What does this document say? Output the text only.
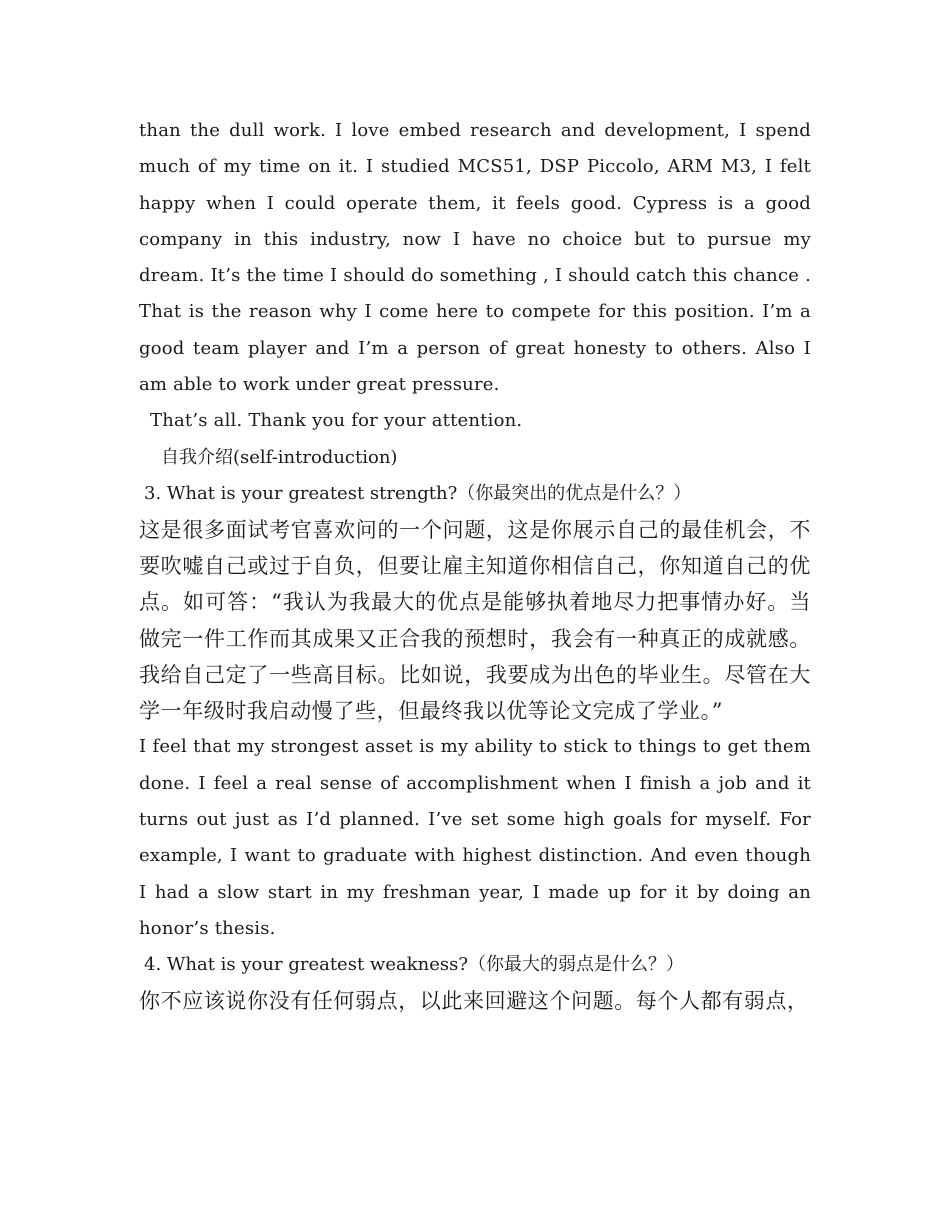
than the dull work. I love embed research and development, I spend much of my time on it. I studied MCS51, DSP Piccolo, ARM M3, I felt happy when I could operate them, it feels good. Cypress is a good company in this industry, now I have no choice but to pursue my dream. It’s the time I should do something , I should catch this chance . That is the reason why I come here to compete for this position. I’m a good team player and I’m a person of great honesty to others. Also I am able to work under great pressure.

That’s all. Thank you for your attention.

自我介绍(self-introduction)

3. What is your greatest strength?（你最突出的优点是什么？）

这是很多面试考官喜欢问的一个问题，这是你展示自己的最佳机会，不要吹嘘自己或过于自负，但要让雇主知道你相信自己，你知道自己的优点。如可答：“我认为我最大的优点是能够执着地尽力把事情办好。当做完一件工作而其成果又正合我的预想时，我会有一种真正的成就感。我给自己定了一些高目标。比如说，我要成为出色的毕业生。尽管在大学一年级时我启动慢了些，但最终我以优等论文完成了学业。”

I feel that my strongest asset is my ability to stick to things to get them done. I feel a real sense of accomplishment when I finish a job and it turns out just as I’d planned. I’ve set some high goals for myself. For example, I want to graduate with highest distinction. And even though I had a slow start in my freshman year, I made up for it by doing an honor’s thesis.

4. What is your greatest weakness?（你最大的弱点是什么？）

你不应该说你没有任何弱点，以此来回避这个问题。每个人都有弱点，
